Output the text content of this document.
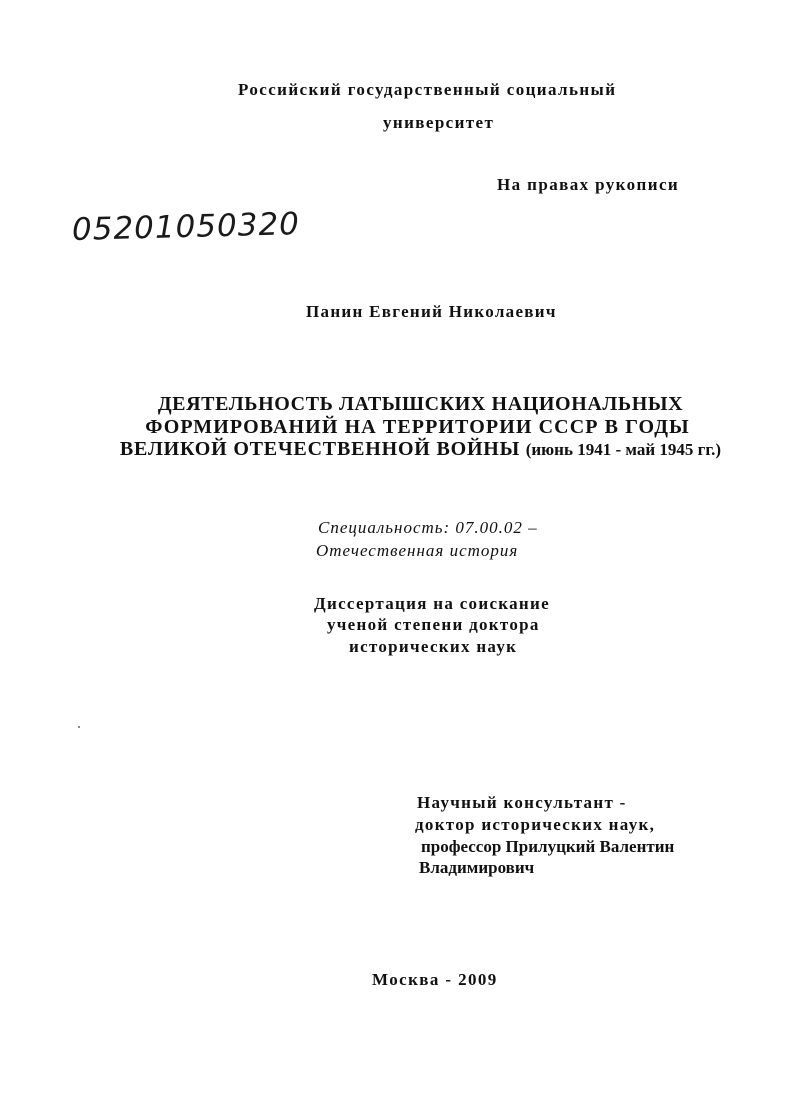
Российский государственный социальный
университет
На правах рукописи
05201050320
Панин Евгений Николаевич
ДЕЯТЕЛЬНОСТЬ ЛАТЫШСКИХ НАЦИОНАЛЬНЫХ
ФОРМИРОВАНИЙ НА ТЕРРИТОРИИ СССР В ГОДЫ
ВЕЛИКОЙ ОТЕЧЕСТВЕННОЙ ВОЙНЫ (июнь 1941 - май 1945 гг.)
Специальность: 07.00.02 –
Отечественная история
Диссертация на соискание
ученой степени доктора
исторических наук
Научный консультант -
доктор исторических наук,
профессор Прилуцкий Валентин
Владимирович
Москва - 2009
